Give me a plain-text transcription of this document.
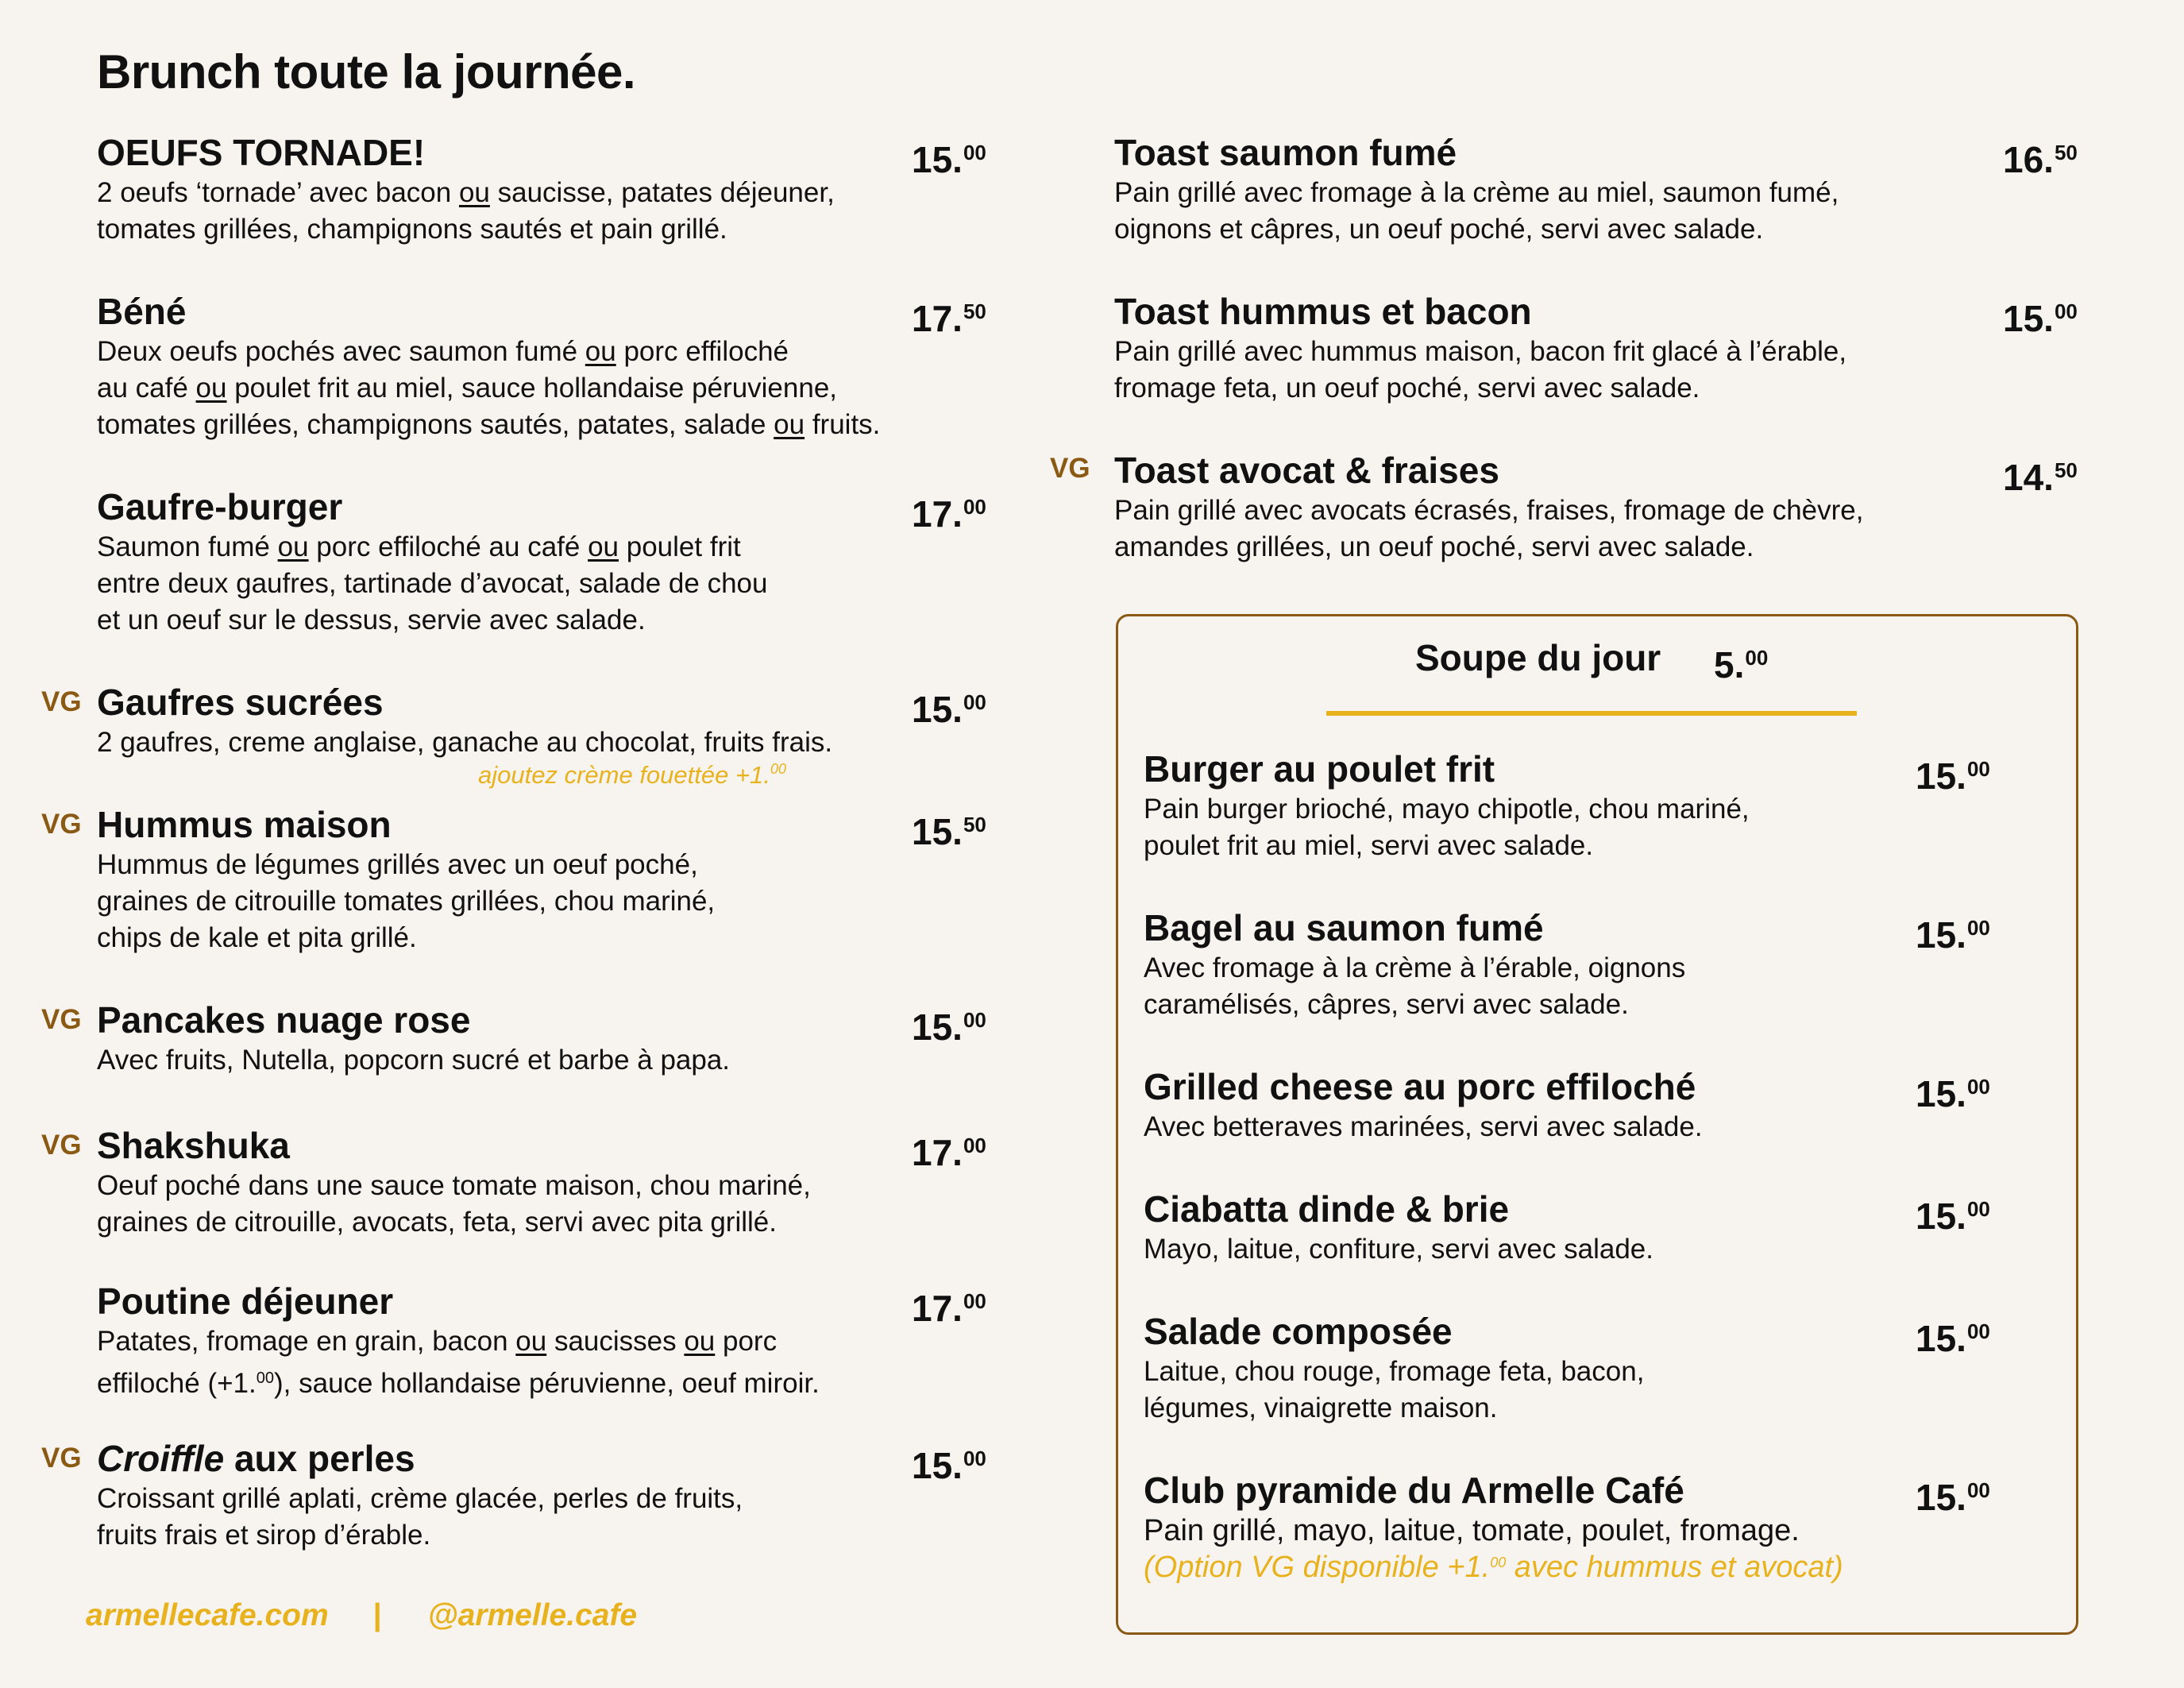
Brunch toute la journée.
OEUFS TORNADE!
2 oeufs ‘tornade’ avec bacon ou saucisse, patates déjeuner,
tomates grillées, champignons sautés et pain grillé.
15.00
Béné
Deux oeufs pochés avec saumon fumé ou porc effiloché
au café ou poulet frit au miel, sauce hollandaise péruvienne,
tomates grillées, champignons sautés, patates, salade ou fruits.
17.50
Gaufre-burger
Saumon fumé ou porc effiloché au café ou poulet frit
entre deux gaufres, tartinade d’avocat, salade de chou
et un oeuf sur le dessus, servie avec salade.
17.00
VG Gaufres sucrées
2 gaufres, creme anglaise, ganache au chocolat, fruits frais.
15.00
ajoutez crème fouettée +1.00
VG Hummus maison
Hummus de légumes grillés avec un oeuf poché,
graines de citrouille tomates grillées, chou mariné,
chips de kale et pita grillé.
15.50
VG Pancakes nuage rose
Avec fruits, Nutella, popcorn sucré et barbe à papa.
15.00
VG Shakshuka
Oeuf poché dans une sauce tomate maison, chou mariné,
graines de citrouille, avocats, feta, servi avec pita grillé.
17.00
Poutine déjeuner
Patates, fromage en grain, bacon ou saucisses ou porc
effiloché (+1.00), sauce hollandaise péruvienne, oeuf miroir.
17.00
VG Croiffle aux perles
Croissant grillé aplati, crème glacée, perles de fruits,
fruits frais et sirop d’érable.
15.00
Toast saumon fumé
Pain grillé avec fromage à la crème au miel, saumon fumé,
oignons et câpres, un oeuf poché, servi avec salade.
16.50
Toast hummus et bacon
Pain grillé avec hummus maison, bacon frit glacé à l’érable,
fromage feta, un oeuf poché, servi avec salade.
15.00
VG Toast avocat & fraises
Pain grillé avec avocats écrasés, fraises, fromage de chèvre,
amandes grillées, un oeuf poché, servi avec salade.
14.50
Soupe du jour 5.00
Burger au poulet frit
Pain burger brioché, mayo chipotle, chou mariné,
poulet frit au miel, servi avec salade.
15.00
Bagel au saumon fumé
Avec fromage à la crème à l’érable, oignons
caramélisés, câpres, servi avec salade.
15.00
Grilled cheese au porc effiloché
Avec betteraves marinées, servi avec salade.
15.00
Ciabatta dinde & brie
Mayo, laitue, confiture, servi avec salade.
15.00
Salade composée
Laitue, chou rouge, fromage feta, bacon,
légumes, vinaigrette maison.
15.00
Club pyramide du Armelle Café
Pain grillé, mayo, laitue, tomate, poulet, fromage.
15.00
(Option VG disponible +1.00 avec hummus et avocat)
armellecafe.com | @armelle.cafe
